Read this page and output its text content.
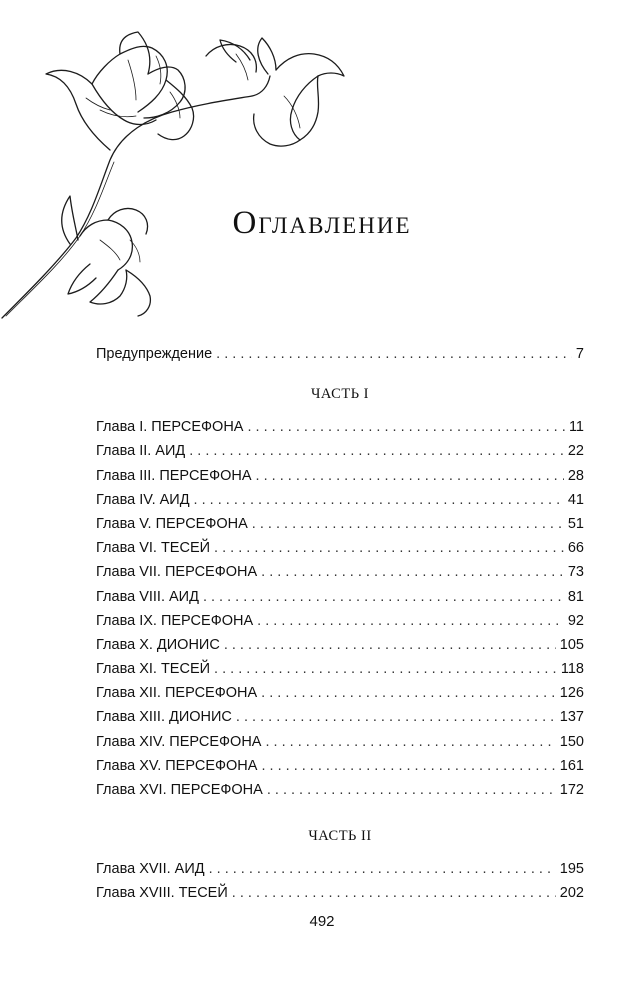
Оглавление
Предупреждение . . .	7
ЧАСТЬ I
Глава I. ПЕРСЕФОНА . . .	11
Глава II. АИД . . .	22
Глава III. ПЕРСЕФОНА . . .	28
Глава IV. АИД . . .	41
Глава V. ПЕРСЕФОНА . . .	51
Глава VI. ТЕСЕЙ . . .	66
Глава VII. ПЕРСЕФОНА . . .	73
Глава VIII. АИД . . .	81
Глава IX. ПЕРСЕФОНА . . .	92
Глава X. ДИОНИС . . .	105
Глава XI. ТЕСЕЙ . . .	118
Глава XII. ПЕРСЕФОНА . . .	126
Глава XIII. ДИОНИС . . .	137
Глава XIV. ПЕРСЕФОНА . . .	150
Глава XV. ПЕРСЕФОНА . . .	161
Глава XVI. ПЕРСЕФОНА . . .	172
ЧАСТЬ II
Глава XVII. АИД . . .	195
Глава XVIII. ТЕСЕЙ . . .	202
492
